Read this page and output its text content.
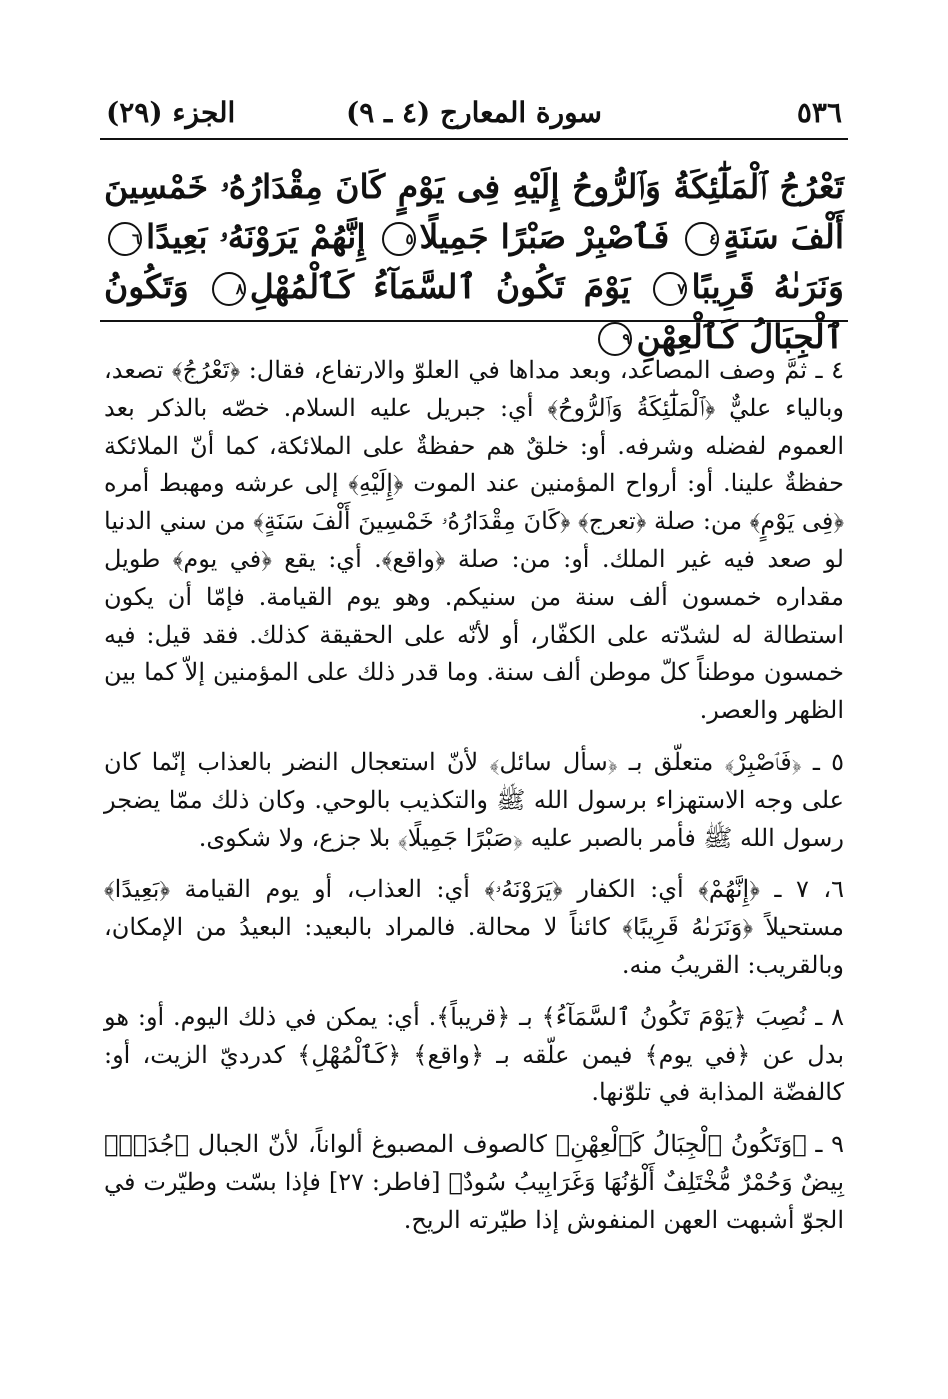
٥٣٦
سورة المعارج (٤ ـ ٩)
الجزء (٢٩)
تَعْرُجُ ٱلْمَلَٰٓئِكَةُ وَٱلرُّوحُ إِلَيْهِ فِى يَوْمٍ كَانَ مِقْدَارُهُۥ خَمْسِينَ أَلْفَ سَنَةٍ٤ فَٱصْبِرْ صَبْرًا جَمِيلًا٥ إِنَّهُمْ يَرَوْنَهُۥ بَعِيدًا٦ وَنَرَىٰهُ قَرِيبًا٧ يَوْمَ تَكُونُ ٱلسَّمَآءُ كَٱلْمُهْلِ٨ وَتَكُونُ ٱلْجِبَالُ كَٱلْعِهْنِ٩

٤ ـ ثمَّ وصف المصاعد، وبعد مداها في العلوّ والارتفاع، فقال: ﴿تَعْرُجُ﴾ تصعد، وبالياء عليٌّ ﴿ٱلْمَلَٰٓئِكَةُ وَٱلرُّوحُ﴾ أي: جبريل عليه السلام. خصّه بالذكر بعد العموم لفضله وشرفه. أو: خلقٌ هم حفظةٌ على الملائكة، كما أنّ الملائكة حفظةٌ علينا. أو: أرواح المؤمنين عند الموت ﴿إِلَيْهِ﴾ إلى عرشه ومهبط أمره ﴿فِى يَوْمٍ﴾ من: صلة ﴿تعرج﴾ ﴿كَانَ مِقْدَارُهُۥ خَمْسِينَ أَلْفَ سَنَةٍ﴾ من سني الدنيا لو صعد فيه غير الملك. أو: من: صلة ﴿واقع﴾. أي: يقع ﴿في يوم﴾ طويل مقداره خمسون ألف سنة من سنيكم. وهو يوم القيامة. فإمّا أن يكون استطالة له لشدّته على الكفّار، أو لأنّه على الحقيقة كذلك. فقد قيل: فيه خمسون موطناً كلّ موطن ألف سنة. وما قدر ذلك على المؤمنين إلاّ كما بين الظهر والعصر.

٥ ـ ﴿فَٱصْبِرْ﴾ متعلّق بـ ﴿سأل سائل﴾ لأنّ استعجال النضر بالعذاب إنّما كان على وجه الاستهزاء برسول الله ﷺ والتكذيب بالوحي. وكان ذلك ممّا يضجر رسول الله ﷺ فأمر بالصبر عليه ﴿صَبْرًا جَمِيلًا﴾ بلا جزع، ولا شكوى.

٦، ٧ ـ ﴿إِنَّهُمْ﴾ أي: الكفار ﴿يَرَوْنَهُۥ﴾ أي: العذاب، أو يوم القيامة ﴿بَعِيدًا﴾ مستحيلاً ﴿وَنَرَىٰهُ قَرِيبًا﴾ كائناً لا محالة. فالمراد بالبعيد: البعيدُ من الإمكان، وبالقريب: القريبُ منه.

٨ ـ نُصِبَ ﴿يَوْمَ تَكُونُ ٱلسَّمَآءُ﴾ بـ ﴿قريباً﴾. أي: يمكن في ذلك اليوم. أو: هو بدل عن ﴿في يوم﴾ فيمن علّقه بـ ﴿واقع﴾ ﴿كَٱلْمُهْلِ﴾ كدرديّ الزيت، أو: كالفضّة المذابة في تلوّنها.

٩ ـ ﴿وَتَكُونُ ٱلْجِبَالُ كَٱلْعِهْنِ﴾ كالصوف المصبوغ ألواناً، لأنّ الجبال ﴿جُدَدٌۢ بِيضٌ وَحُمْرٌ مُّخْتَلِفٌ أَلْوَٰنُهَا وَغَرَابِيبُ سُودٌ﴾ [فاطر: ٢٧] فإذا بسّت وطيّرت في الجوّ أشبهت العهن المنفوش إذا طيّرته الريح.
